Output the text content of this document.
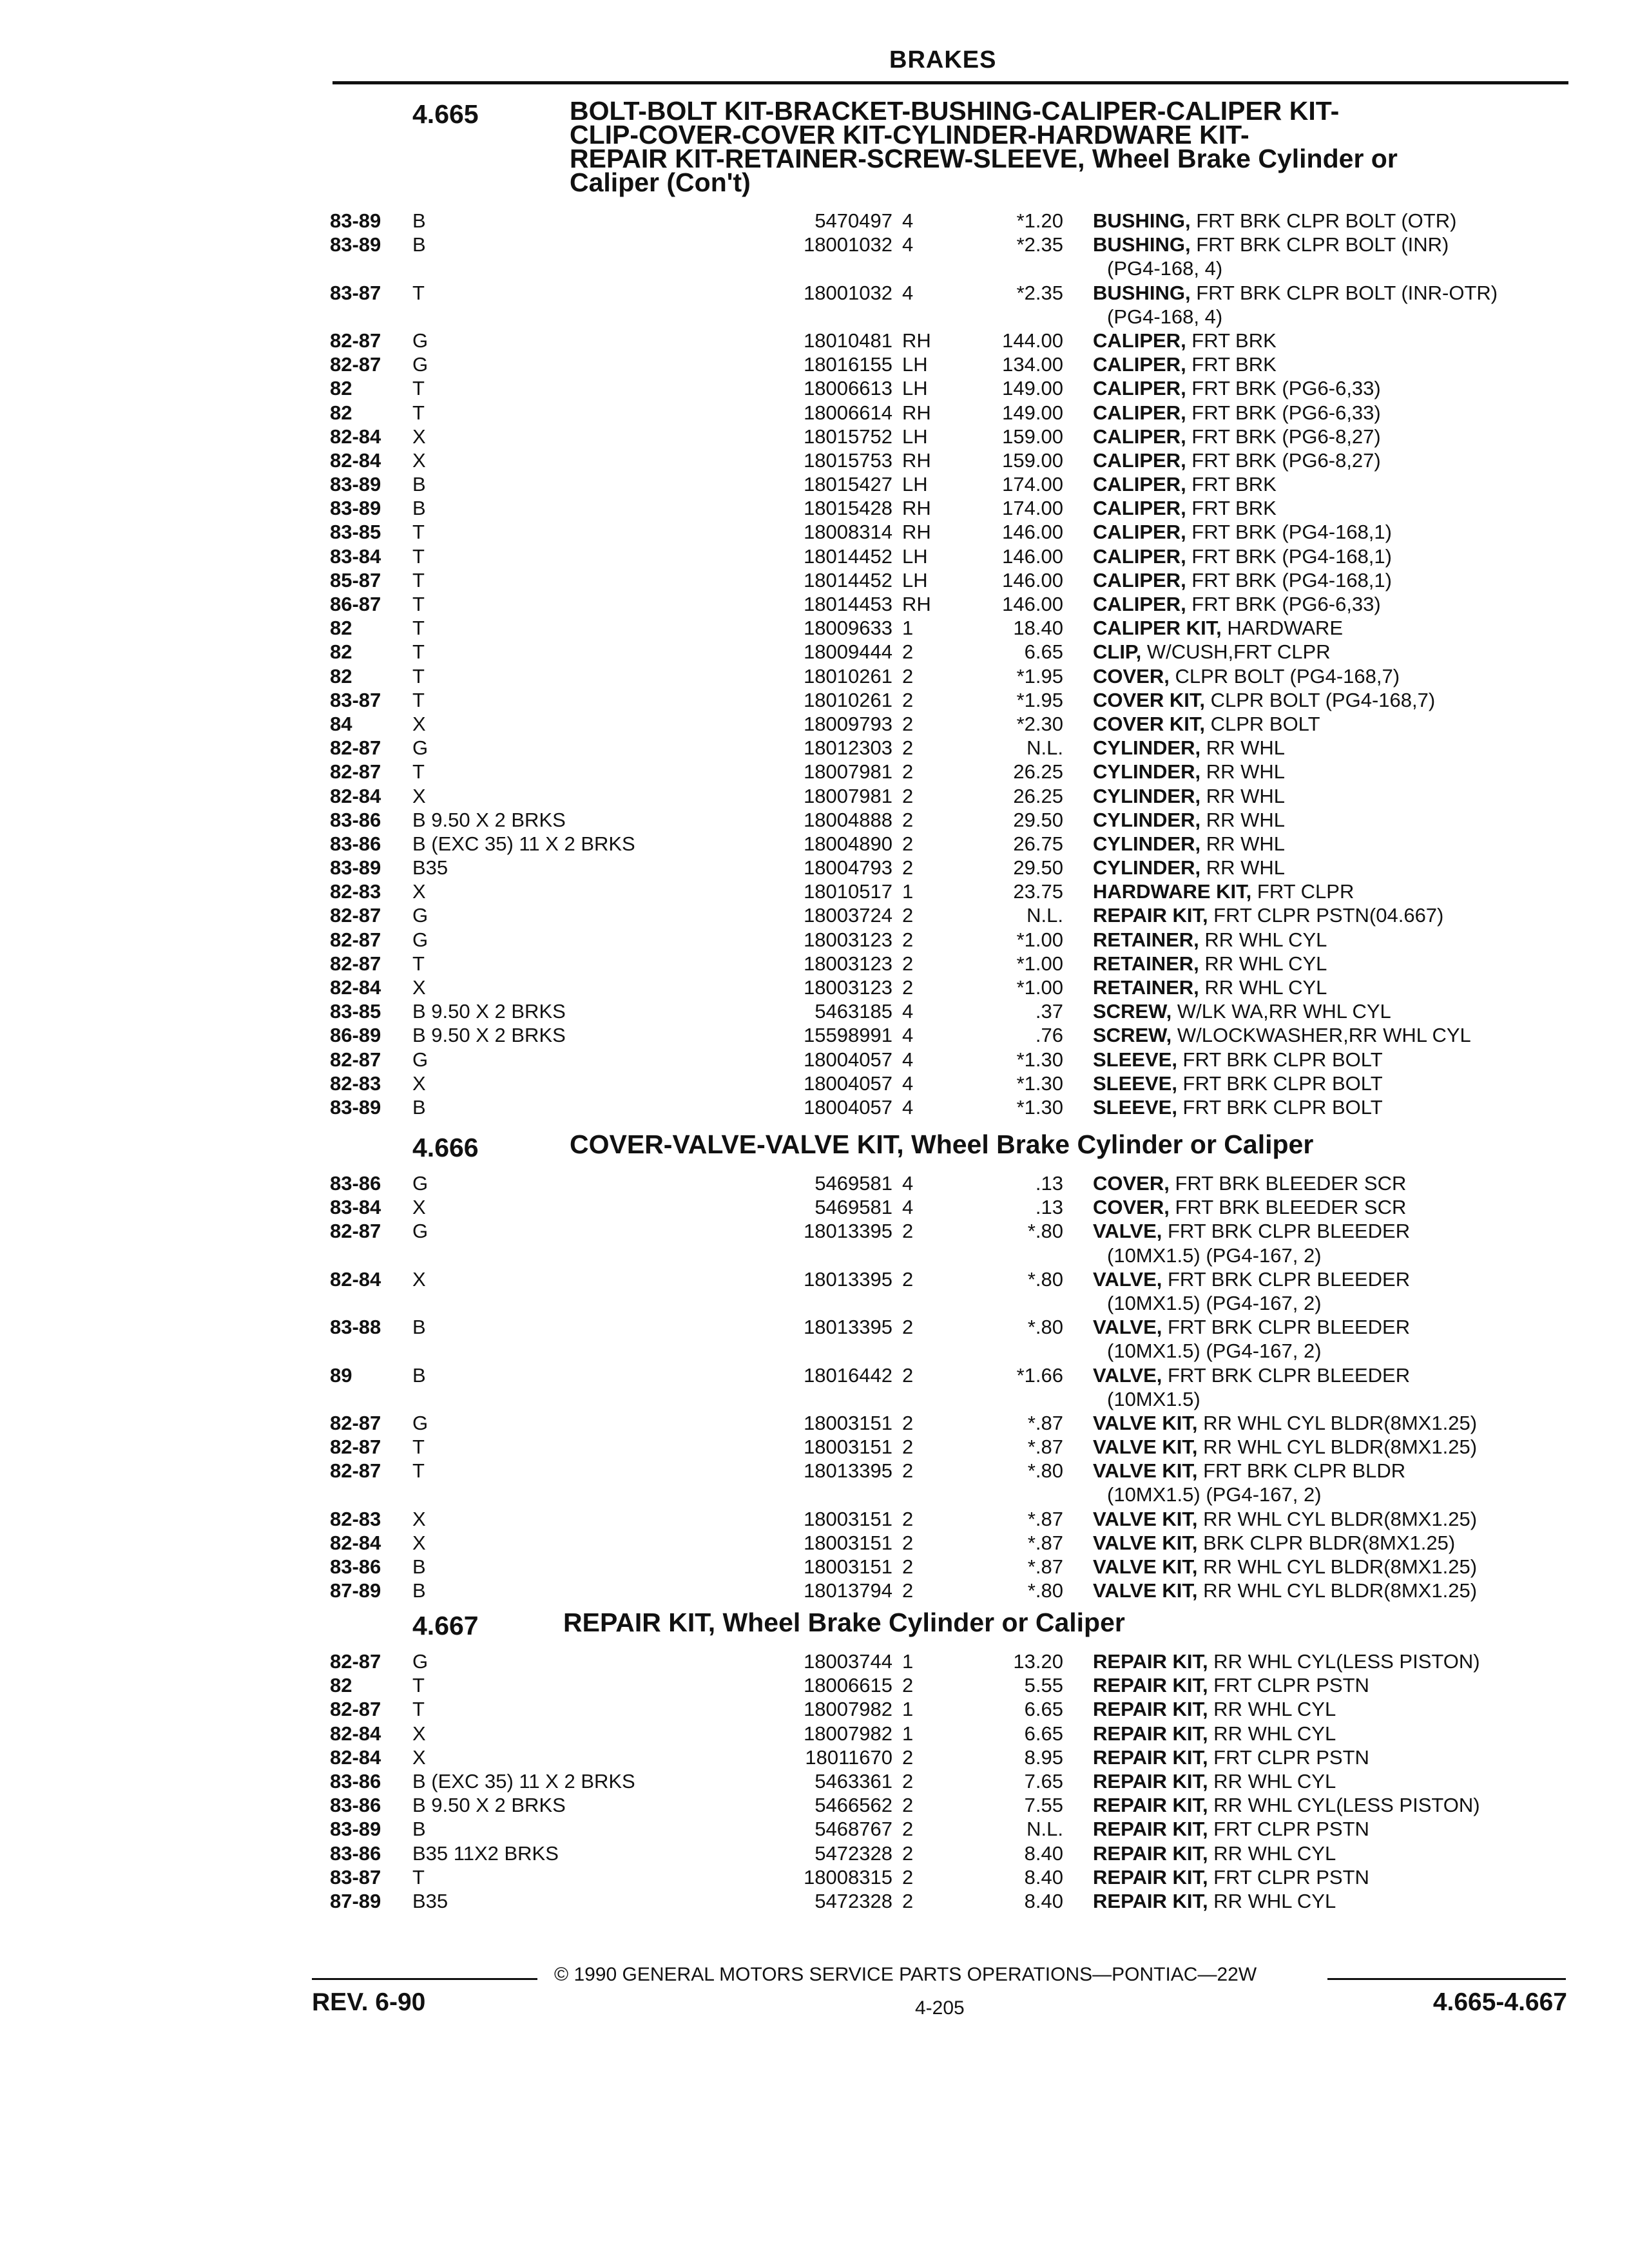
BRAKES
4.665	BOLT-BOLT KIT-BRACKET-BUSHING-CALIPER-CALIPER KIT-
CLIP-COVER-COVER KIT-CYLINDER-HARDWARE KIT-
REPAIR KIT-RETAINER-SCREW-SLEEVE, Wheel Brake Cylinder or
Caliper (Con't)
83-89	B	5470497 4	*1.20 BUSHING, FRT BRK CLPR BOLT (OTR)
83-89	B	18001032 4	*2.35 BUSHING, FRT BRK CLPR BOLT (INR)
(PG4-168, 4)
83-87	T	18001032 4	*2.35 BUSHING, FRT BRK CLPR BOLT (INR-OTR)
(PG4-168, 4)
82-87	G	18010481 RH	144.00 CALIPER, FRT BRK
82-87	G	18016155 LH	134.00 CALIPER, FRT BRK
82	T	18006613 LH	149.00 CALIPER, FRT BRK (PG6-6,33)
82	T	18006614 RH	149.00 CALIPER, FRT BRK (PG6-6,33)
82-84	X	18015752 LH	159.00 CALIPER, FRT BRK (PG6-8,27)
82-84	X	18015753 RH	159.00 CALIPER, FRT BRK (PG6-8,27)
83-89	B	18015427 LH	174.00 CALIPER, FRT BRK
83-89	B	18015428 RH	174.00 CALIPER, FRT BRK
83-85	T	18008314 RH	146.00 CALIPER, FRT BRK (PG4-168,1)
83-84	T	18014452 LH	146.00 CALIPER, FRT BRK (PG4-168,1)
85-87	T	18014452 LH	146.00 CALIPER, FRT BRK (PG4-168,1)
86-87	T	18014453 RH	146.00 CALIPER, FRT BRK (PG6-6,33)
82	T	18009633 1	18.40 CALIPER KIT, HARDWARE
82	T	18009444 2	6.65 CLIP, W/CUSH,FRT CLPR
82	T	18010261 2	*1.95 COVER, CLPR BOLT (PG4-168,7)
83-87	T	18010261 2	*1.95 COVER KIT, CLPR BOLT (PG4-168,7)
84	X	18009793 2	*2.30 COVER KIT, CLPR BOLT
82-87	G	18012303 2	N.L. CYLINDER, RR WHL
82-87	T	18007981 2	26.25 CYLINDER, RR WHL
82-84	X	18007981 2	26.25 CYLINDER, RR WHL
83-86	B 9.50 X 2 BRKS	18004888 2	29.50 CYLINDER, RR WHL
83-86	B (EXC 35) 11 X 2 BRKS	18004890 2	26.75 CYLINDER, RR WHL
83-89	B35	18004793 2	29.50 CYLINDER, RR WHL
82-83	X	18010517 1	23.75 HARDWARE KIT, FRT CLPR
82-87	G	18003724 2	N.L. REPAIR KIT, FRT CLPR PSTN(04.667)
82-87	G	18003123 2	*1.00 RETAINER, RR WHL CYL
82-87	T	18003123 2	*1.00 RETAINER, RR WHL CYL
82-84	X	18003123 2	*1.00 RETAINER, RR WHL CYL
83-85	B 9.50 X 2 BRKS	5463185 4	.37 SCREW, W/LK WA,RR WHL CYL
86-89	B 9.50 X 2 BRKS	15598991 4	.76 SCREW, W/LOCKWASHER,RR WHL CYL
82-87	G	18004057 4	*1.30 SLEEVE, FRT BRK CLPR BOLT
82-83	X	18004057 4	*1.30 SLEEVE, FRT BRK CLPR BOLT
83-89	B	18004057 4	*1.30 SLEEVE, FRT BRK CLPR BOLT
4.666	COVER-VALVE-VALVE KIT, Wheel Brake Cylinder or Caliper
83-86	G	5469581 4	.13 COVER, FRT BRK BLEEDER SCR
83-84	X	5469581 4	.13 COVER, FRT BRK BLEEDER SCR
82-87	G	18013395 2	*.80 VALVE, FRT BRK CLPR BLEEDER
(10MX1.5) (PG4-167, 2)
82-84	X	18013395 2	*.80 VALVE, FRT BRK CLPR BLEEDER
(10MX1.5) (PG4-167, 2)
83-88	B	18013395 2	*.80 VALVE, FRT BRK CLPR BLEEDER
(10MX1.5) (PG4-167, 2)
89	B	18016442 2	*1.66 VALVE, FRT BRK CLPR BLEEDER
(10MX1.5)
82-87	G	18003151 2	*.87 VALVE KIT, RR WHL CYL BLDR(8MX1.25)
82-87	T	18003151 2	*.87 VALVE KIT, RR WHL CYL BLDR(8MX1.25)
82-87	T	18013395 2	*.80 VALVE KIT, FRT BRK CLPR BLDR
(10MX1.5) (PG4-167, 2)
82-83	X	18003151 2	*.87 VALVE KIT, RR WHL CYL BLDR(8MX1.25)
82-84	X	18003151 2	*.87 VALVE KIT, BRK CLPR BLDR(8MX1.25)
83-86	B	18003151 2	*.87 VALVE KIT, RR WHL CYL BLDR(8MX1.25)
87-89	B	18013794 2	*.80 VALVE KIT, RR WHL CYL BLDR(8MX1.25)
4.667	REPAIR KIT, Wheel Brake Cylinder or Caliper
82-87	G	18003744 1	13.20 REPAIR KIT, RR WHL CYL(LESS PISTON)
82	T	18006615 2	5.55 REPAIR KIT, FRT CLPR PSTN
82-87	T	18007982 1	6.65 REPAIR KIT, RR WHL CYL
82-84	X	18007982 1	6.65 REPAIR KIT, RR WHL CYL
82-84	X	18011670 2	8.95 REPAIR KIT, FRT CLPR PSTN
83-86	B (EXC 35) 11 X 2 BRKS	5463361 2	7.65 REPAIR KIT, RR WHL CYL
83-86	B 9.50 X 2 BRKS	5466562 2	7.55 REPAIR KIT, RR WHL CYL(LESS PISTON)
83-89	B	5468767 2	N.L. REPAIR KIT, FRT CLPR PSTN
83-86	B35 11X2 BRKS	5472328 2	8.40 REPAIR KIT, RR WHL CYL
83-87	T	18008315 2	8.40 REPAIR KIT, FRT CLPR PSTN
87-89	B35	5472328 2	8.40 REPAIR KIT, RR WHL CYL
© 1990 GENERAL MOTORS SERVICE PARTS OPERATIONS—PONTIAC—22W
REV. 6-90	4-205	4.665-4.667
